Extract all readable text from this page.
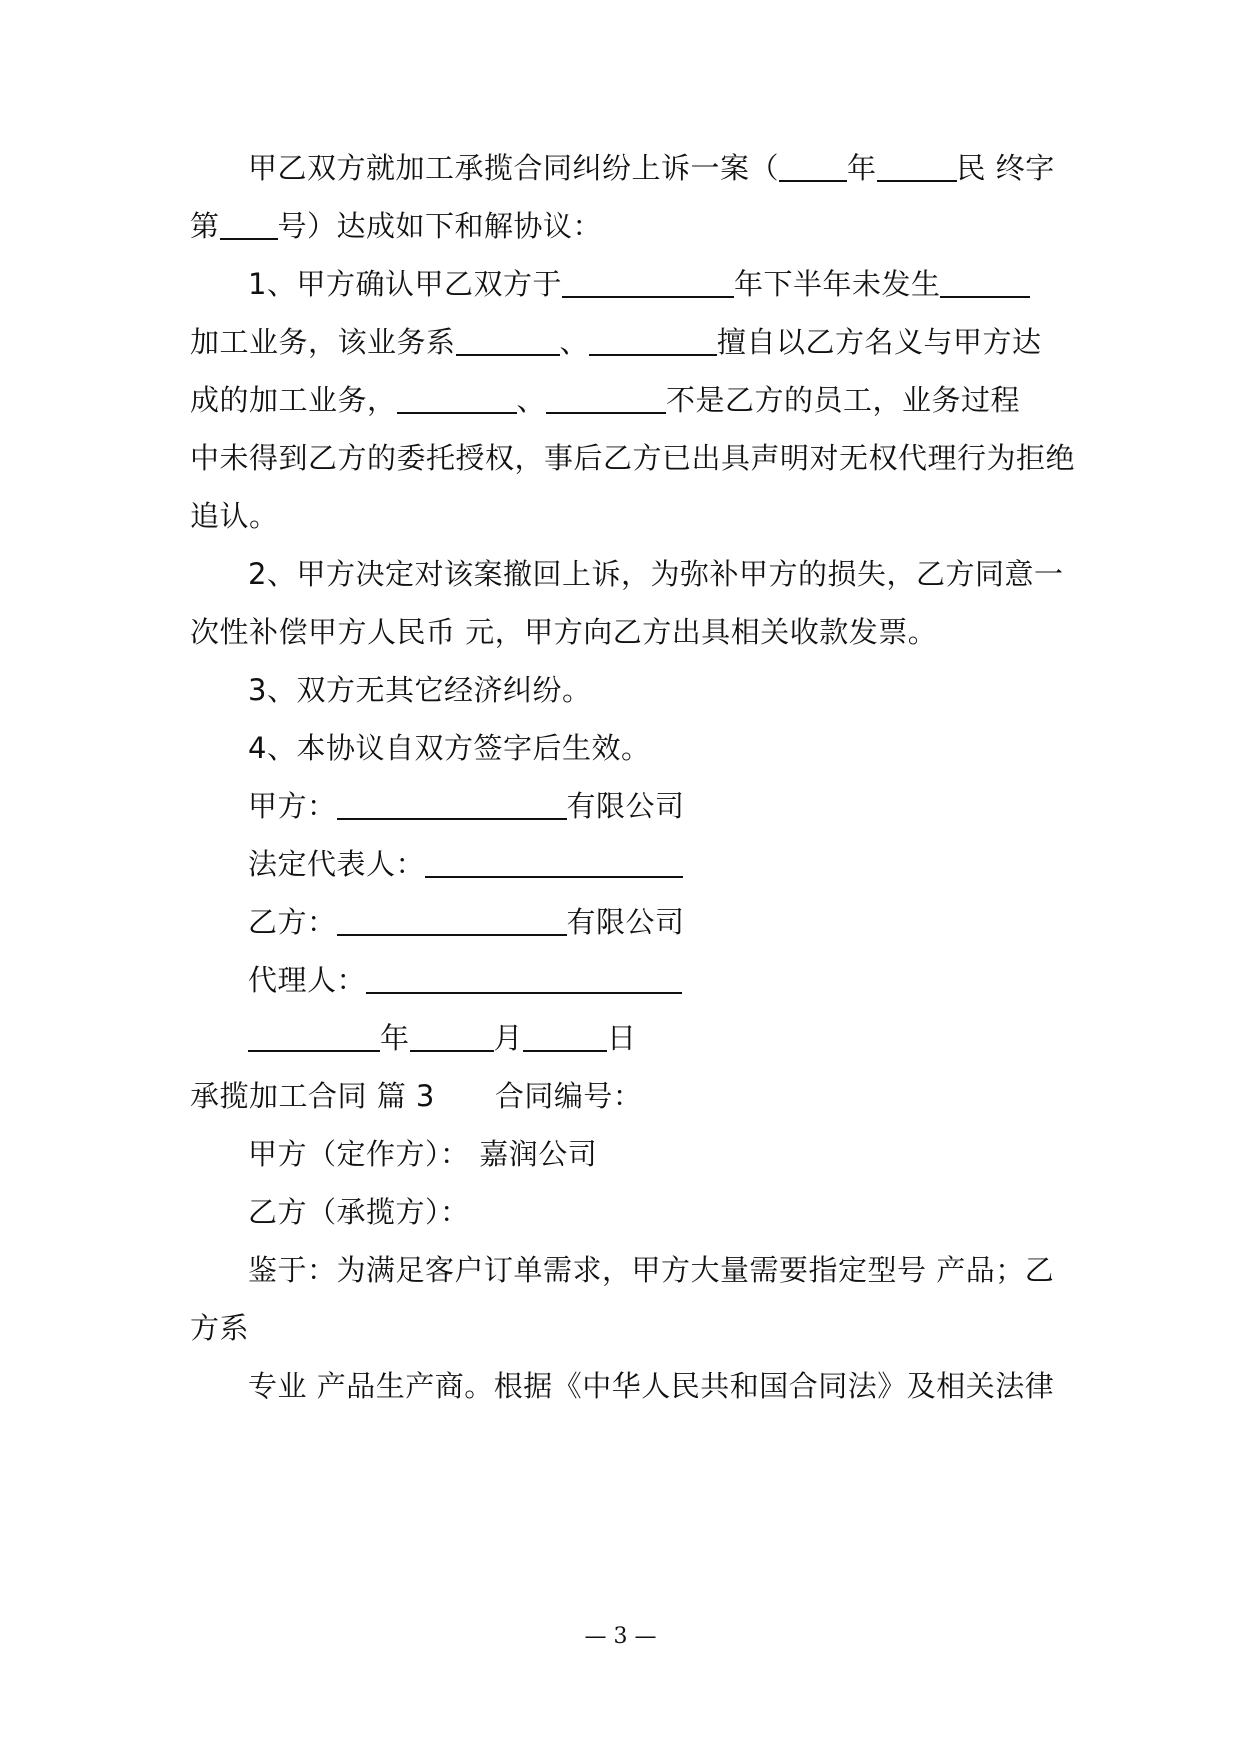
甲乙双方就加工承揽合同纠纷上诉一案（ 年	民 终字
第 号）达成如下和解协议：
1、甲方确认甲乙双方于	年下半年未发生
加工业务，该业务系	、	擅自以乙方名义与甲方达
成的加工业务，	、	不是乙方的员工，业务过程
中未得到乙方的委托授权，事后乙方已出具声明对无权代理行为拒绝
追认。
2、甲方决定对该案撤回上诉，为弥补甲方的损失，乙方同意一
次性补偿甲方人民币 元，甲方向乙方出具相关收款发票。
3、双方无其它经济纠纷。
4、本协议自双方签字后生效。
甲方：	有限公司
法定代表人：
乙方：	有限公司
代理人：
年	月	日
承揽加工合同 篇 3 合同编号：
甲方（定作方）： 嘉润公司
乙方（承揽方）：
鉴于：为满足客户订单需求，甲方大量需要指定型号 产品；乙
方系
专业 产品生产商。根据《中华人民共和国合同法》及相关法律
— 3 —
